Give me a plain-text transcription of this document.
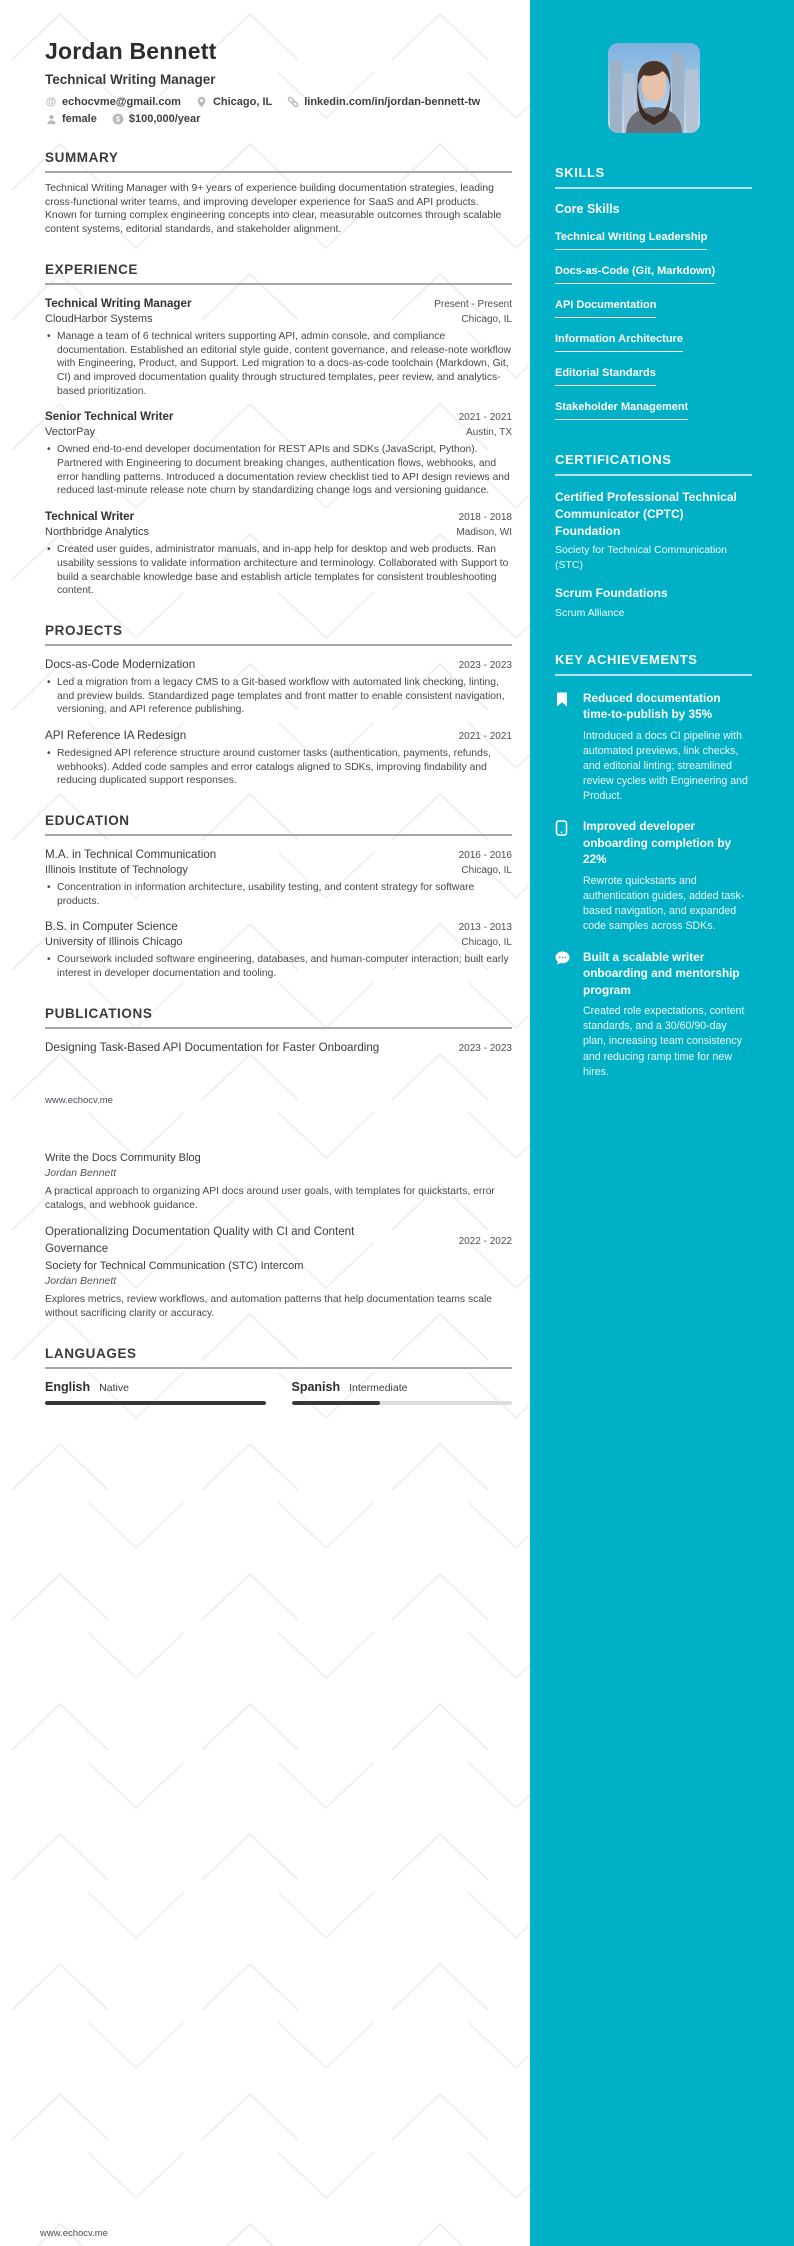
Jordan Bennett
Technical Writing Manager
@ echocvme@gmail.com	Chicago, IL	linkedin.com/in/jordan-bennett-tw
female	$ $100,000/year
SUMMARY
Technical Writing Manager with 9+ years of experience building documentation strategies, leading cross-functional writer teams, and improving developer experience for SaaS and API products. Known for turning complex engineering concepts into clear, measurable outcomes through scalable content systems, editorial standards, and stakeholder alignment.
EXPERIENCE
Technical Writing Manager	Present - Present
CloudHarbor Systems	Chicago, IL
• Manage a team of 6 technical writers supporting API, admin console, and compliance documentation. Established an editorial style guide, content governance, and release-note workflow with Engineering, Product, and Support. Led migration to a docs-as-code toolchain (Markdown, Git, CI) and improved documentation quality through structured templates, peer review, and analytics-based prioritization.
Senior Technical Writer	2021 - 2021
VectorPay	Austin, TX
• Owned end-to-end developer documentation for REST APIs and SDKs (JavaScript, Python). Partnered with Engineering to document breaking changes, authentication flows, webhooks, and error handling patterns. Introduced a documentation review checklist tied to API design reviews and reduced last-minute release note churn by standardizing change logs and versioning guidance.
Technical Writer	2018 - 2018
Northbridge Analytics	Madison, WI
• Created user guides, administrator manuals, and in-app help for desktop and web products. Ran usability sessions to validate information architecture and terminology. Collaborated with Support to build a searchable knowledge base and establish article templates for consistent troubleshooting content.
PROJECTS
Docs-as-Code Modernization	2023 - 2023
• Led a migration from a legacy CMS to a Git-based workflow with automated link checking, linting, and preview builds. Standardized page templates and front matter to enable consistent navigation, versioning, and API reference publishing.
API Reference IA Redesign	2021 - 2021
• Redesigned API reference structure around customer tasks (authentication, payments, refunds, webhooks). Added code samples and error catalogs aligned to SDKs, improving findability and reducing duplicated support responses.
EDUCATION
M.A. in Technical Communication	2016 - 2016
Illinois Institute of Technology	Chicago, IL
• Concentration in information architecture, usability testing, and content strategy for software products.
B.S. in Computer Science	2013 - 2013
University of Illinois Chicago	Chicago, IL
• Coursework included software engineering, databases, and human-computer interaction; built early interest in developer documentation and tooling.
PUBLICATIONS
Designing Task-Based API Documentation for Faster Onboarding	2023 - 2023
www.echocv.me
Write the Docs Community Blog
Jordan Bennett
A practical approach to organizing API docs around user goals, with templates for quickstarts, error catalogs, and webhook guidance.
Operationalizing Documentation Quality with CI and Content Governance
2022 - 2022
Society for Technical Communication (STC) Intercom
Jordan Bennett
Explores metrics, review workflows, and automation patterns that help documentation teams scale without sacrificing clarity or accuracy.
LANGUAGES
English Native	Spanish Intermediate
SKILLS
Core Skills
Technical Writing Leadership
Docs-as-Code (Git, Markdown)
API Documentation
Information Architecture
Editorial Standards
Stakeholder Management
CERTIFICATIONS
Certified Professional Technical Communicator (CPTC) Foundation
Society for Technical Communication (STC)
Scrum Foundations
Scrum Alliance
KEY ACHIEVEMENTS
Reduced documentation time-to-publish by 35%
Introduced a docs CI pipeline with automated previews, link checks, and editorial linting; streamlined review cycles with Engineering and Product.
Improved developer onboarding completion by 22%
Rewrote quickstarts and authentication guides, added task-based navigation, and expanded code samples across SDKs.
Built a scalable writer onboarding and mentorship program
Created role expectations, content standards, and a 30/60/90-day plan, increasing team consistency and reducing ramp time for new hires.
www.echocv.me
